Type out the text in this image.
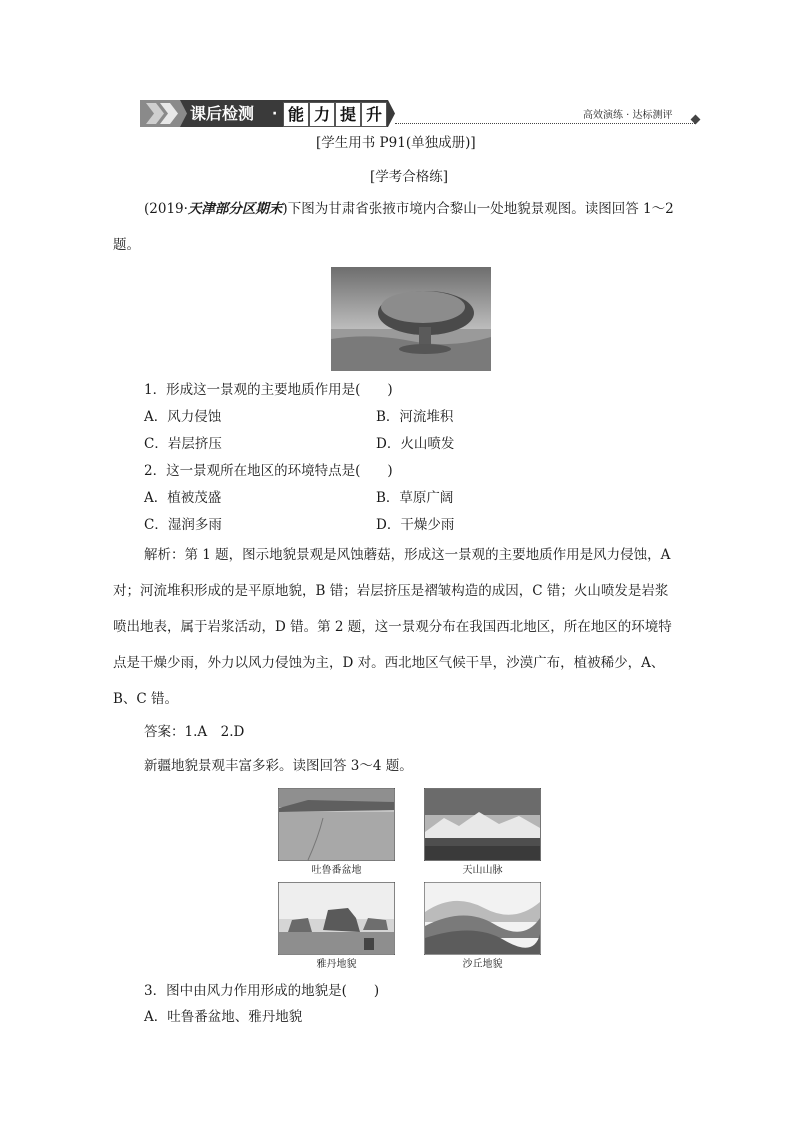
课后检测 · 能 力 提 升	高效演练 · 达标测评
[学生用书 P91(单独成册)]
[学考合格练]
(2019·天津部分区期末)下图为甘肃省张掖市境内合黎山一处地貌景观图。读图回答 1～2
题。
1．形成这一景观的主要地质作用是(　　)
A．风力侵蚀	B．河流堆积
C．岩层挤压	D．火山喷发
2．这一景观所在地区的环境特点是(　　)
A．植被茂盛	B．草原广阔
C．湿润多雨	D．干燥少雨
解析：第 1 题，图示地貌景观是风蚀蘑菇，形成这一景观的主要地质作用是风力侵蚀，A
对；河流堆积形成的是平原地貌，B 错；岩层挤压是褶皱构造的成因，C 错；火山喷发是岩浆
喷出地表，属于岩浆活动，D 错。第 2 题，这一景观分布在我国西北地区，所在地区的环境特
点是干燥少雨，外力以风力侵蚀为主，D 对。西北地区气候干旱，沙漠广布，植被稀少，A、
B、C 错。
答案：1.A　2.D
新疆地貌景观丰富多彩。读图回答 3～4 题。
吐鲁番盆地	天山山脉
雅丹地貌	沙丘地貌
3．图中由风力作用形成的地貌是(　　)
A．吐鲁番盆地、雅丹地貌
